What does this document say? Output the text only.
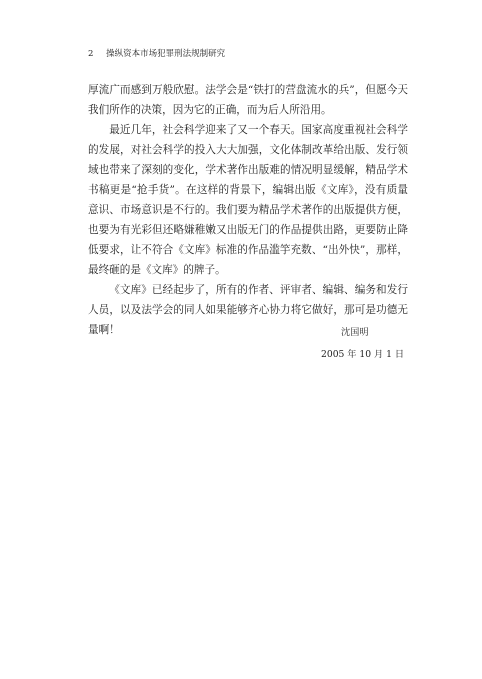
2 操纵资本市场犯罪刑法规制研究

厚流广而感到万般欣慰。法学会是“铁打的营盘流水的兵”，但愿今天我们所作的决策，因为它的正确，而为后人所沿用。

最近几年，社会科学迎来了又一个春天。国家高度重视社会科学的发展，对社会科学的投入大大加强，文化体制改革给出版、发行领域也带来了深刻的变化，学术著作出版难的情况明显缓解，精品学术书稿更是“抢手货”。在这样的背景下，编辑出版《文库》，没有质量意识、市场意识是不行的。我们要为精品学术著作的出版提供方便，也要为有光彩但还略嫌稚嫩又出版无门的作品提供出路，更要防止降低要求，让不符合《文库》标准的作品滥竽充数、“出外快”，那样，最终砸的是《文库》的牌子。

《文库》已经起步了，所有的作者、评审者、编辑、编务和发行人员，以及法学会的同人如果能够齐心协力将它做好，那可是功德无量啊！	沈国明
2005 年 10 月 1 日
